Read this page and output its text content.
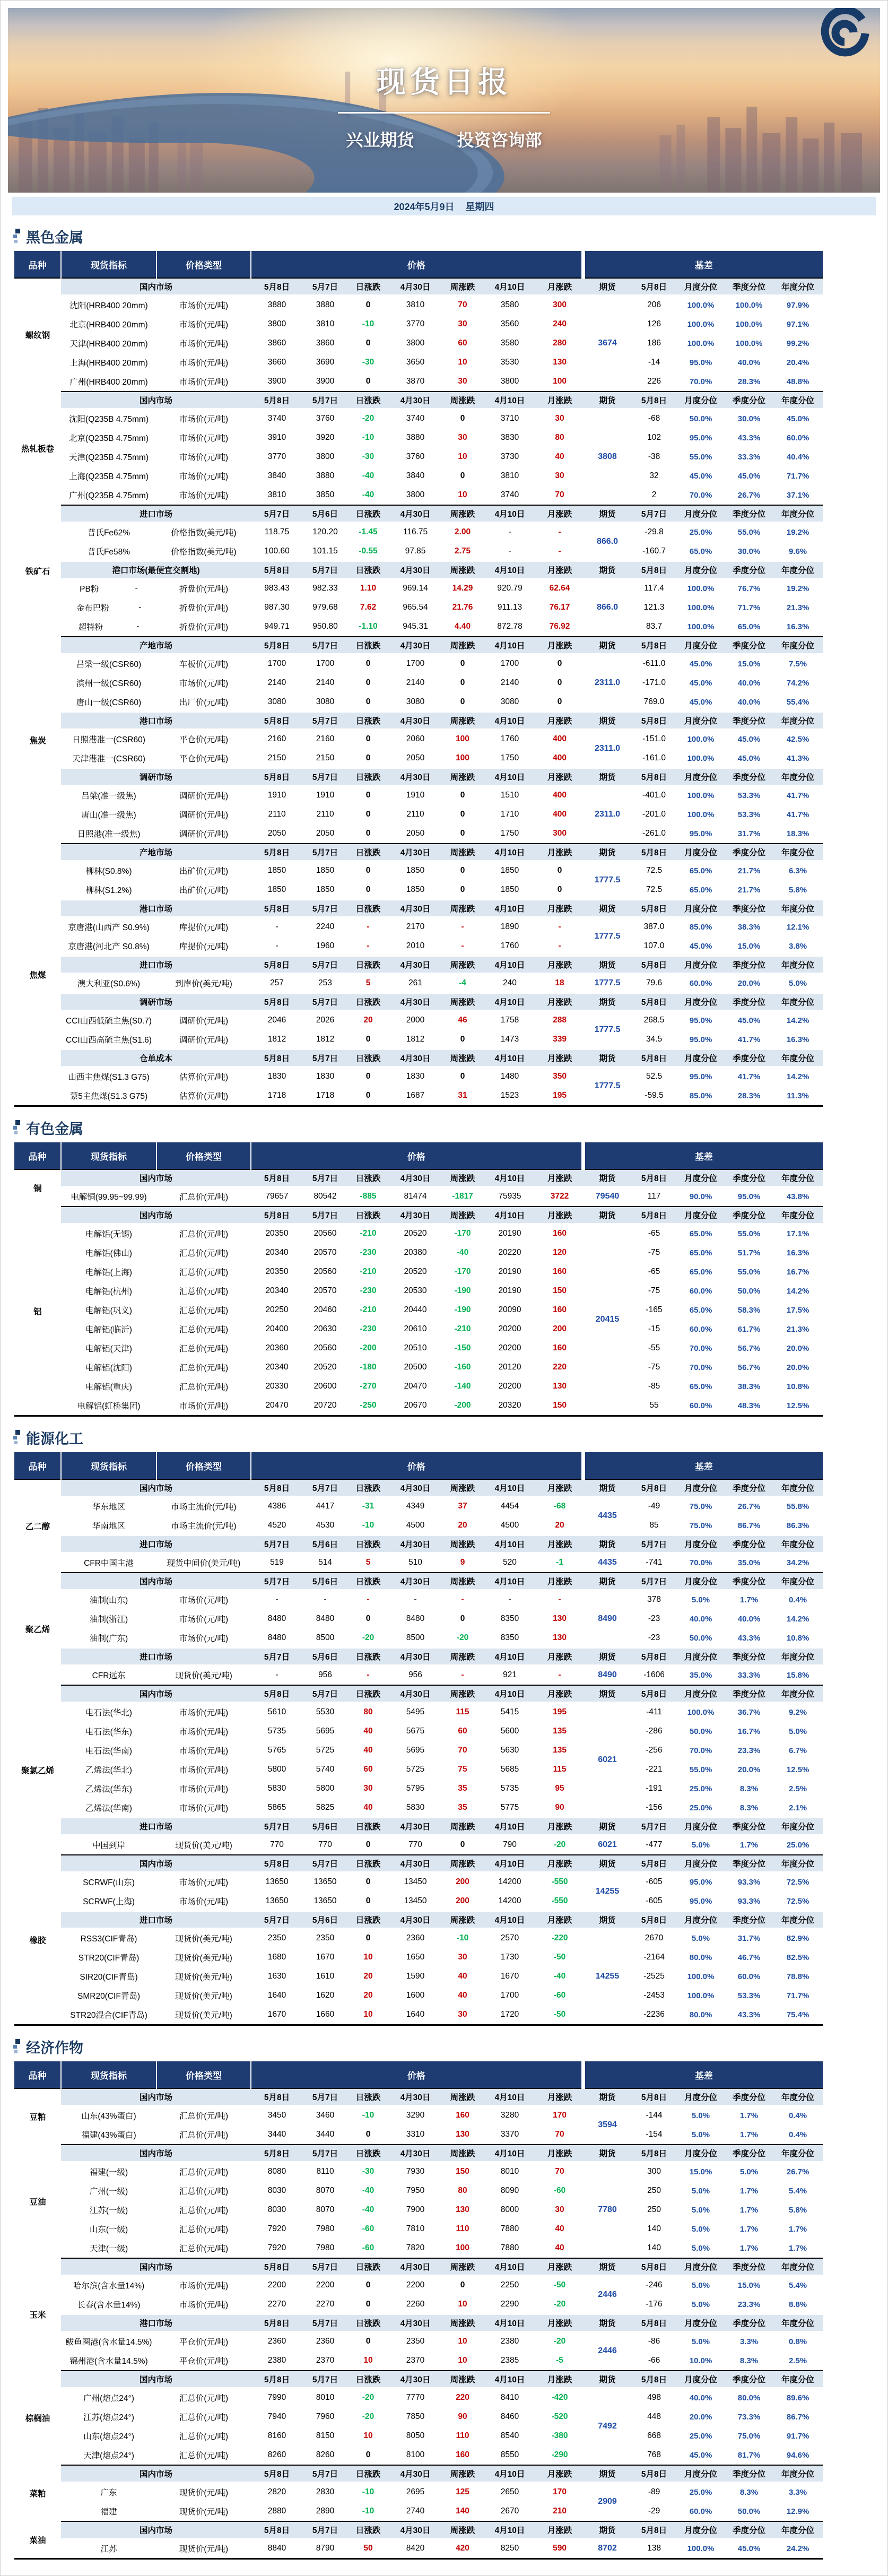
现货日报
兴业期货	投资咨询部
2024年5月9日 星期四
黑色金属
品种	现货指标	价格类型	价格							基差				
螺纹钢	国内市场		5月8日	5月7日	日涨跌	4月30日	周涨跌	4月10日	月涨跌	期货	5月8日	月度分位	季度分位	年度分位
	沈阳(HRB400 20mm)	市场价(元/吨)	3880	3880	0	3810	70	3580	300	3674	206	100.0%	100.0%	97.9%
	北京(HRB400 20mm)	市场价(元/吨)	3800	3810	-10	3770	30	3560	240		126	100.0%	100.0%	97.1%
	天津(HRB400 20mm)	市场价(元/吨)	3860	3860	0	3800	60	3580	280		186	100.0%	100.0%	99.2%
	上海(HRB400 20mm)	市场价(元/吨)	3660	3690	-30	3650	10	3530	130		-14	95.0%	40.0%	20.4%
	广州(HRB400 20mm)	市场价(元/吨)	3900	3900	0	3870	30	3800	100		226	70.0%	28.3%	48.8%
热轧板卷	国内市场		5月8日	5月7日	日涨跌	4月30日	周涨跌	4月10日	月涨跌	期货	5月8日	月度分位	季度分位	年度分位
	沈阳(Q235B 4.75mm)	市场价(元/吨)	3740	3760	-20	3740	0	3710	30	3808	-68	50.0%	30.0%	45.0%
	北京(Q235B 4.75mm)	市场价(元/吨)	3910	3920	-10	3880	30	3830	80		102	95.0%	43.3%	60.0%
	天津(Q235B 4.75mm)	市场价(元/吨)	3770	3800	-30	3760	10	3730	40		-38	55.0%	33.3%	40.4%
	上海(Q235B 4.75mm)	市场价(元/吨)	3840	3880	-40	3840	0	3810	30		32	45.0%	45.0%	71.7%
	广州(Q235B 4.75mm)	市场价(元/吨)	3810	3850	-40	3800	10	3740	70		2	70.0%	26.7%	37.1%
铁矿石	进口市场		5月7日	5月6日	日涨跌	4月30日	周涨跌	4月10日	月涨跌	期货	5月7日	月度分位	季度分位	年度分位
	普氏Fe62%	价格指数(美元/吨)	118.75	120.20	-1.45	116.75	2.00	-	-	866.0	-29.8	25.0%	55.0%	19.2%
	普氏Fe58%	价格指数(美元/吨)	100.60	101.15	-0.55	97.85	2.75	-	-		-160.7	65.0%	30.0%	9.6%
	港口市场(最便宜交割地)		5月8日	5月7日	日涨跌	4月30日	周涨跌	4月10日	月涨跌	期货	5月8日	月度分位	季度分位	年度分位

	PB粉 -	折盘价(元/吨)	983.43	982.33	1.10	969.14	14.29	920.79	62.64	866.0	117.4	100.0%	76.7%	19.2%

	金布巴粉 -	折盘价(元/吨)	987.30	979.68	7.62	965.54	21.76	911.13	76.17		121.3	100.0%	71.7%	21.3%

	超特粉 -	折盘价(元/吨)	949.71	950.80	-1.10	945.31	4.40	872.78	76.92		83.7	100.0%	65.0%	16.3%
焦炭	产地市场		5月8日	5月7日	日涨跌	4月30日	周涨跌	4月10日	月涨跌	期货	5月8日	月度分位	季度分位	年度分位
	吕梁一级(CSR60)	车板价(元/吨)	1700	1700	0	1700	0	1700	0	2311.0	-611.0	45.0%	15.0%	7.5%
	滨州一级(CSR60)	市场价(元/吨)	2140	2140	0	2140	0	2140	0		-171.0	45.0%	40.0%	74.2%
	唐山一级(CSR60)	出厂价(元/吨)	3080	3080	0	3080	0	3080	0		769.0	45.0%	40.0%	55.4%
	港口市场		5月8日	5月7日	日涨跌	4月30日	周涨跌	4月10日	月涨跌	期货	5月8日	月度分位	季度分位	年度分位
	日照港准一(CSR60)	平仓价(元/吨)	2160	2160	0	2060	100	1760	400	2311.0	-151.0	100.0%	45.0%	42.5%
	天津港准一(CSR60)	平仓价(元/吨)	2150	2150	0	2050	100	1750	400		-161.0	100.0%	45.0%	41.3%
	调研市场		5月8日	5月7日	日涨跌	4月30日	周涨跌	4月10日	月涨跌	期货	5月8日	月度分位	季度分位	年度分位
	吕梁(准一级焦)	调研价(元/吨)	1910	1910	0	1910	0	1510	400	2311.0	-401.0	100.0%	53.3%	41.7%
	唐山(准一级焦)	调研价(元/吨)	2110	2110	0	2110	0	1710	400		-201.0	100.0%	53.3%	41.7%
	日照港(准一级焦)	调研价(元/吨)	2050	2050	0	2050	0	1750	300		-261.0	95.0%	31.7%	18.3%
焦煤	产地市场		5月8日	5月7日	日涨跌	4月30日	周涨跌	4月10日	月涨跌	期货	5月8日	月度分位	季度分位	年度分位
	柳林(S0.8%)	出矿价(元/吨)	1850	1850	0	1850	0	1850	0	1777.5	72.5	65.0%	21.7%	6.3%
	柳林(S1.2%)	出矿价(元/吨)	1850	1850	0	1850	0	1850	0		72.5	65.0%	21.7%	5.8%
	港口市场		5月8日	5月7日	日涨跌	4月30日	周涨跌	4月10日	月涨跌	期货	5月8日	月度分位	季度分位	年度分位
	京唐港(山西产 S0.9%)	库提价(元/吨)	-	2240	-	2170	-	1890	-	1777.5	387.0	85.0%	38.3%	12.1%
	京唐港(河北产 S0.8%)	库提价(元/吨)	-	1960	-	2010	-	1760	-		107.0	45.0%	15.0%	3.8%
	进口市场		5月8日	5月7日	日涨跌	4月30日	周涨跌	4月10日	月涨跌	期货	5月8日	月度分位	季度分位	年度分位
	澳大利亚(S0.6%)	到岸价(美元/吨)	257	253	5	261	-4	240	18	1777.5	79.6	60.0%	20.0%	5.0%
	调研市场		5月8日	5月7日	日涨跌	4月30日	周涨跌	4月10日	月涨跌	期货	5月8日	月度分位	季度分位	年度分位
	CCI山西低硫主焦(S0.7)	调研价(元/吨)	2046	2026	20	2000	46	1758	288	1777.5	268.5	95.0%	45.0%	14.2%
	CCI山西高硫主焦(S1.6)	调研价(元/吨)	1812	1812	0	1812	0	1473	339		34.5	95.0%	41.7%	16.3%
	仓单成本		5月8日	5月7日	日涨跌	4月30日	周涨跌	4月10日	月涨跌	期货	5月8日	月度分位	季度分位	年度分位
	山西主焦煤(S1.3 G75)	估算价(元/吨)	1830	1830	0	1830	0	1480	350	1777.5	52.5	95.0%	41.7%	14.2%
	蒙5主焦煤(S1.3 G75)	估算价(元/吨)	1718	1718	0	1687	31	1523	195		-59.5	85.0%	28.3%	11.3%
有色金属
品种	现货指标	价格类型	价格							基差				
铜	国内市场		5月8日	5月7日	日涨跌	4月30日	周涨跌	4月10日	月涨跌	期货	5月8日	月度分位	季度分位	年度分位
	电解铜(99.95~99.99)	汇总价(元/吨)	79657	80542	-885	81474	-1817	75935	3722	79540	117	90.0%	95.0%	43.8%
铝	国内市场		5月8日	5月7日	日涨跌	4月30日	周涨跌	4月10日	月涨跌	期货	5月8日	月度分位	季度分位	年度分位
	电解铝(无锡)	汇总价(元/吨)	20350	20560	-210	20520	-170	20190	160	20415	-65	65.0%	55.0%	17.1%
	电解铝(佛山)	汇总价(元/吨)	20340	20570	-230	20380	-40	20220	120		-75	65.0%	51.7%	16.3%
	电解铝(上海)	汇总价(元/吨)	20350	20560	-210	20520	-170	20190	160		-65	65.0%	55.0%	16.7%
	电解铝(杭州)	汇总价(元/吨)	20340	20570	-230	20530	-190	20190	150		-75	60.0%	50.0%	14.2%
	电解铝(巩义)	汇总价(元/吨)	20250	20460	-210	20440	-190	20090	160		-165	65.0%	58.3%	17.5%
	电解铝(临沂)	汇总价(元/吨)	20400	20630	-230	20610	-210	20200	200		-15	60.0%	61.7%	21.3%
	电解铝(天津)	汇总价(元/吨)	20360	20560	-200	20510	-150	20200	160		-55	70.0%	56.7%	20.0%
	电解铝(沈阳)	汇总价(元/吨)	20340	20520	-180	20500	-160	20120	220		-75	70.0%	56.7%	20.0%
	电解铝(重庆)	汇总价(元/吨)	20330	20600	-270	20470	-140	20200	130		-85	65.0%	38.3%	10.8%
	电解铝(虹桥集团)	市场价(元/吨)	20470	20720	-250	20670	-200	20320	150		55	60.0%	48.3%	12.5%
能源化工
品种	现货指标	价格类型	价格							基差				
乙二醇	国内市场		5月8日	5月7日	日涨跌	4月30日	周涨跌	4月10日	月涨跌	期货	5月8日	月度分位	季度分位	年度分位
	华东地区	市场主流价(元/吨)	4386	4417	-31	4349	37	4454	-68	4435	-49	75.0%	26.7%	55.8%
	华南地区	市场主流价(元/吨)	4520	4530	-10	4500	20	4500	20		85	75.0%	86.7%	86.3%
	进口市场		5月7日	5月6日	日涨跌	4月30日	周涨跌	4月10日	月涨跌	期货	5月7日	月度分位	季度分位	年度分位
	CFR中国主港	现货中间价(美元/吨)	519	514	5	510	9	520	-1	4435	-741	70.0%	35.0%	34.2%
聚乙烯	国内市场		5月7日	5月6日	日涨跌	4月30日	周涨跌	4月10日	月涨跌	期货	5月7日	月度分位	季度分位	年度分位
	油制(山东)	市场价(元/吨)	-	-	-	-	-	-	-	8490	378	5.0%	1.7%	0.4%
	油制(浙江)	市场价(元/吨)	8480	8480	0	8480	0	8350	130		-23	40.0%	40.0%	14.2%
	油制(广东)	市场价(元/吨)	8480	8500	-20	8500	-20	8350	130		-23	50.0%	43.3%	10.8%
	进口市场		5月7日	5月6日	日涨跌	4月30日	周涨跌	4月10日	月涨跌	期货	5月8日	月度分位	季度分位	年度分位
	CFR远东	现货价(美元/吨)	-	956	-	956	-	921	-	8490	-1606	35.0%	33.3%	15.8%
聚氯乙烯	国内市场		5月8日	5月7日	日涨跌	4月30日	周涨跌	4月10日	月涨跌	期货	5月8日	月度分位	季度分位	年度分位
	电石法(华北)	市场价(元/吨)	5610	5530	80	5495	115	5415	195	6021	-411	100.0%	36.7%	9.2%
	电石法(华东)	市场价(元/吨)	5735	5695	40	5675	60	5600	135		-286	50.0%	16.7%	5.0%
	电石法(华南)	市场价(元/吨)	5765	5725	40	5695	70	5630	135		-256	70.0%	23.3%	6.7%
	乙烯法(华北)	市场价(元/吨)	5800	5740	60	5725	75	5685	115		-221	55.0%	20.0%	12.5%
	乙烯法(华东)	市场价(元/吨)	5830	5800	30	5795	35	5735	95		-191	25.0%	8.3%	2.5%
	乙烯法(华南)	市场价(元/吨)	5865	5825	40	5830	35	5775	90		-156	25.0%	8.3%	2.1%
	进口市场		5月7日	5月6日	日涨跌	4月30日	周涨跌	4月10日	月涨跌	期货	5月7日	月度分位	季度分位	年度分位
	中国到岸	现货价(美元/吨)	770	770	0	770	0	790	-20	6021	-477	5.0%	1.7%	25.0%
橡胶	国内市场		5月8日	5月7日	日涨跌	4月30日	周涨跌	4月10日	月涨跌	期货	5月8日	月度分位	季度分位	年度分位
	SCRWF(山东)	市场价(元/吨)	13650	13650	0	13450	200	14200	-550	14255	-605	95.0%	93.3%	72.5%
	SCRWF(上海)	市场价(元/吨)	13650	13650	0	13450	200	14200	-550		-605	95.0%	93.3%	72.5%
	进口市场		5月7日	5月6日	日涨跌	4月30日	周涨跌	4月10日	月涨跌	期货	5月8日	月度分位	季度分位	年度分位
	RSS3(CIF青岛)	现货价(美元/吨)	2350	2350	0	2360	-10	2570	-220	14255	2670	5.0%	31.7%	82.9%
	STR20(CIF青岛)	现货价(美元/吨)	1680	1670	10	1650	30	1730	-50		-2164	80.0%	46.7%	82.5%
	SIR20(CIF青岛)	现货价(美元/吨)	1630	1610	20	1590	40	1670	-40		-2525	100.0%	60.0%	78.8%
	SMR20(CIF青岛)	现货价(美元/吨)	1640	1620	20	1600	40	1700	-60		-2453	100.0%	53.3%	71.7%
	STR20混合(CIF青岛)	现货价(美元/吨)	1670	1660	10	1640	30	1720	-50		-2236	80.0%	43.3%	75.4%
经济作物
品种	现货指标	价格类型	价格							基差				
豆粕	国内市场		5月8日	5月7日	日涨跌	4月30日	周涨跌	4月10日	月涨跌	期货	5月8日	月度分位	季度分位	年度分位
	山东(43%蛋白)	汇总价(元/吨)	3450	3460	-10	3290	160	3280	170	3594	-144	5.0%	1.7%	0.4%
	福建(43%蛋白)	汇总价(元/吨)	3440	3440	0	3310	130	3370	70		-154	5.0%	1.7%	0.4%
豆油	国内市场		5月8日	5月7日	日涨跌	4月30日	周涨跌	4月10日	月涨跌	期货	5月8日	月度分位	季度分位	年度分位
	福建(一级)	汇总价(元/吨)	8080	8110	-30	7930	150	8010	70	7780	300	15.0%	5.0%	26.7%
	广州(一级)	汇总价(元/吨)	8030	8070	-40	7950	80	8090	-60		250	5.0%	1.7%	5.4%
	江苏(一级)	汇总价(元/吨)	8030	8070	-40	7900	130	8000	30		250	5.0%	1.7%	5.8%
	山东(一级)	汇总价(元/吨)	7920	7980	-60	7810	110	7880	40		140	5.0%	1.7%	1.7%
	天津(一级)	汇总价(元/吨)	7920	7980	-60	7820	100	7880	40		140	5.0%	1.7%	1.7%
玉米	国内市场		5月8日	5月7日	日涨跌	4月30日	周涨跌	4月10日	月涨跌	期货	5月8日	月度分位	季度分位	年度分位
	哈尔滨(含水量14%)	市场价(元/吨)	2200	2200	0	2200	0	2250	-50	2446	-246	5.0%	15.0%	5.4%
	长春(含水量14%)	市场价(元/吨)	2270	2270	0	2260	10	2290	-20		-176	5.0%	23.3%	8.8%
	港口市场		5月8日	5月7日	日涨跌	4月30日	周涨跌	4月10日	月涨跌	期货	5月8日	月度分位	季度分位	年度分位
	鲅鱼圈港(含水量14.5%)	平仓价(元/吨)	2360	2360	0	2350	10	2380	-20	2446	-86	5.0%	3.3%	0.8%
	锦州港(含水量14.5%)	平仓价(元/吨)	2380	2370	10	2370	10	2385	-5		-66	10.0%	8.3%	2.5%
棕榈油	国内市场		5月8日	5月7日	日涨跌	4月30日	周涨跌	4月10日	月涨跌	期货	5月8日	月度分位	季度分位	年度分位
	广州(熔点24°)	汇总价(元/吨)	7990	8010	-20	7770	220	8410	-420	7492	498	40.0%	80.0%	89.6%
	江苏(熔点24°)	汇总价(元/吨)	7940	7960	-20	7850	90	8460	-520		448	20.0%	73.3%	86.7%
	山东(熔点24°)	汇总价(元/吨)	8160	8150	10	8050	110	8540	-380		668	25.0%	75.0%	91.7%
	天津(熔点24°)	汇总价(元/吨)	8260	8260	0	8100	160	8550	-290		768	45.0%	81.7%	94.6%
菜粕	国内市场		5月8日	5月7日	日涨跌	4月30日	周涨跌	4月10日	月涨跌	期货	5月8日	月度分位	季度分位	年度分位
	广东	现货价(元/吨)	2820	2830	-10	2695	125	2650	170	2909	-89	25.0%	8.3%	3.3%
	福建	现货价(元/吨)	2880	2890	-10	2740	140	2670	210		-29	60.0%	50.0%	12.9%
菜油	国内市场		5月8日	5月7日	日涨跌	4月30日	周涨跌	4月10日	月涨跌	期货	5月8日	月度分位	季度分位	年度分位
	江苏	现货价(元/吨)	8840	8790	50	8420	420	8250	590	8702	138	100.0%	45.0%	24.2%
